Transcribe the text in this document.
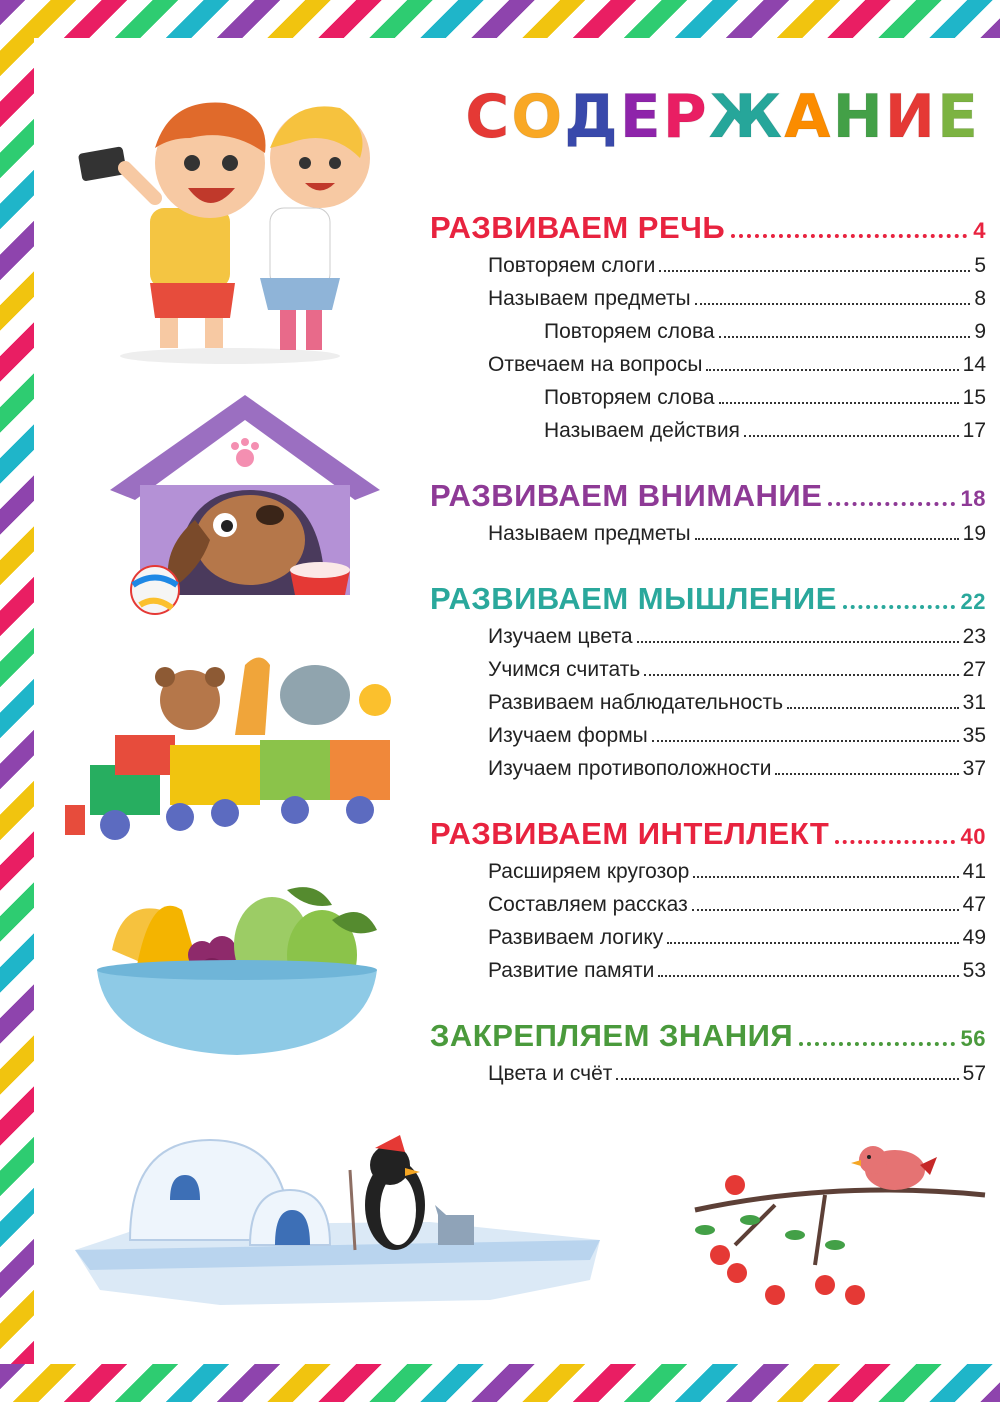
СОДЕРЖАНИЕ
РАЗВИВАЕМ РЕЧЬ	4
Повторяем слоги	5
Называем предметы	8
Повторяем слова	9
Отвечаем на вопросы	14
Повторяем слова	15
Называем действия	17
РАЗВИВАЕМ ВНИМАНИЕ	18
Называем предметы	19
РАЗВИВАЕМ МЫШЛЕНИЕ	22
Изучаем цвета	23
Учимся считать	27
Развиваем наблюдательность	31
Изучаем формы	35
Изучаем противоположности	37
РАЗВИВАЕМ ИНТЕЛЛЕКТ	40
Расширяем кругозор	41
Составляем рассказ	47
Развиваем логику	49
Развитие памяти	53
ЗАКРЕПЛЯЕМ ЗНАНИЯ	56
Цвета и счёт	57
